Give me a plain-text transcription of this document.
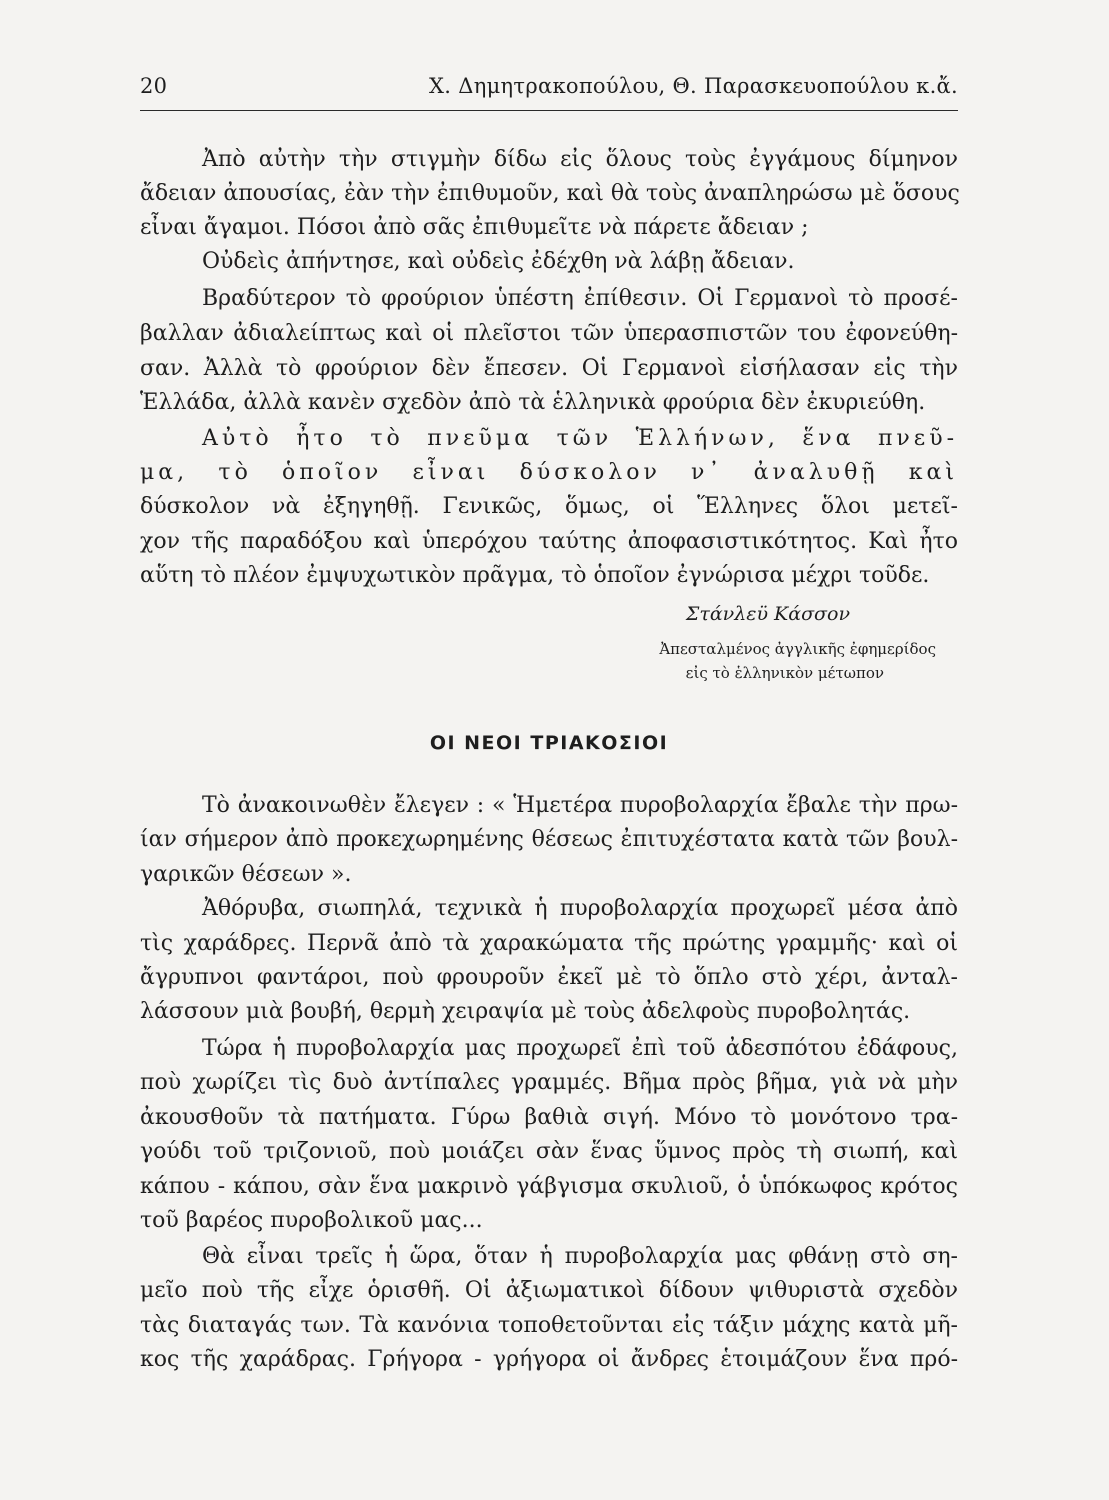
20	Χ. Δημητρακοπούλου, Θ. Παρασκευοπούλου κ.ἄ.
Ἀπὸ αὐτὴν τὴν στιγμὴν δίδω εἰς ὅλους τοὺς ἐγγάμους δίμηνον
ἄδειαν ἀπουσίας, ἐὰν τὴν ἐπιθυμοῦν, καὶ θὰ τοὺς ἀναπληρώσω μὲ ὅσους
εἶναι ἄγαμοι. Πόσοι ἀπὸ σᾶς ἐπιθυμεῖτε νὰ πάρετε ἄδειαν ;
Οὐδεὶς ἀπήντησε, καὶ οὐδεὶς ἐδέχθη νὰ λάβῃ ἄδειαν.
Βραδύτερον τὸ φρούριον ὑπέστη ἐπίθεσιν. Οἱ Γερμανοὶ τὸ προσέ-
βαλλαν ἀδιαλείπτως καὶ οἱ πλεῖστοι τῶν ὑπερασπιστῶν του ἐφονεύθη-
σαν. Ἀλλὰ τὸ φρούριον δὲν ἔπεσεν. Οἱ Γερμανοὶ εἰσήλασαν εἰς τὴν
Ἑλλάδα, ἀλλὰ κανὲν σχεδὸν ἀπὸ τὰ ἑλληνικὰ φρούρια δὲν ἐκυριεύθη.
Αὐτὸ ἦτο τὸ πνεῦμα τῶν Ἑλλήνων, ἕνα πνεῦ-
μα, τὸ ὁποῖον εἶναι δύσκολον ν᾿ ἀναλυθῇ καὶ
δύσκολον νὰ ἐξηγηθῇ. Γενικῶς, ὅμως, οἱ Ἕλληνες ὅλοι μετεῖ-
χον τῆς παραδόξου καὶ ὑπερόχου ταύτης ἀποφασιστικότητος. Καὶ ἦτο
αὕτη τὸ πλέον ἐμψυχωτικὸν πρᾶγμα, τὸ ὁποῖον ἐγνώρισα μέχρι τοῦδε.
Στάνλεϋ Κάσσον
Ἀπεσταλμένος ἀγγλικῆς ἐφημερίδος
εἰς τὸ ἑλληνικὸν μέτωπον
ΟΙ ΝΕΟΙ ΤΡΙΑΚΟΣΙΟΙ
Τὸ ἀνακοινωθὲν ἔλεγεν : « Ἡμετέρα πυροβολαρχία ἔβαλε τὴν πρω-
ίαν σήμερον ἀπὸ προκεχωρημένης θέσεως ἐπιτυχέστατα κατὰ τῶν βουλ-
γαρικῶν θέσεων ».
Ἀθόρυβα, σιωπηλά, τεχνικὰ ἡ πυροβολαρχία προχωρεῖ μέσα ἀπὸ
τὶς χαράδρες. Περνᾶ ἀπὸ τὰ χαρακώματα τῆς πρώτης γραμμῆς· καὶ οἱ
ἄγρυπνοι φαντάροι, ποὺ φρουροῦν ἐκεῖ μὲ τὸ ὅπλο στὸ χέρι, ἀνταλ-
λάσσουν μιὰ βουβή, θερμὴ χειραψία μὲ τοὺς ἀδελφοὺς πυροβολητάς.
Τώρα ἡ πυροβολαρχία μας προχωρεῖ ἐπὶ τοῦ ἀδεσπότου ἐδάφους,
ποὺ χωρίζει τὶς δυὸ ἀντίπαλες γραμμές. Βῆμα πρὸς βῆμα, γιὰ νὰ μὴν
ἀκουσθοῦν τὰ πατήματα. Γύρω βαθιὰ σιγή. Μόνο τὸ μονότονο τρα-
γούδι τοῦ τριζονιοῦ, ποὺ μοιάζει σὰν ἕνας ὕμνος πρὸς τὴ σιωπή, καὶ
κάπου - κάπου, σὰν ἕνα μακρινὸ γάβγισμα σκυλιοῦ, ὁ ὑπόκωφος κρότος
τοῦ βαρέος πυροβολικοῦ μας...
Θὰ εἶναι τρεῖς ἡ ὥρα, ὅταν ἡ πυροβολαρχία μας φθάνῃ στὸ ση-
μεῖο ποὺ τῆς εἶχε ὁρισθῆ. Οἱ ἀξιωματικοὶ δίδουν ψιθυριστὰ σχεδὸν
τὰς διαταγάς των. Τὰ κανόνια τοποθετοῦνται εἰς τάξιν μάχης κατὰ μῆ-
κος τῆς χαράδρας. Γρήγορα - γρήγορα οἱ ἄνδρες ἑτοιμάζουν ἕνα πρό-
